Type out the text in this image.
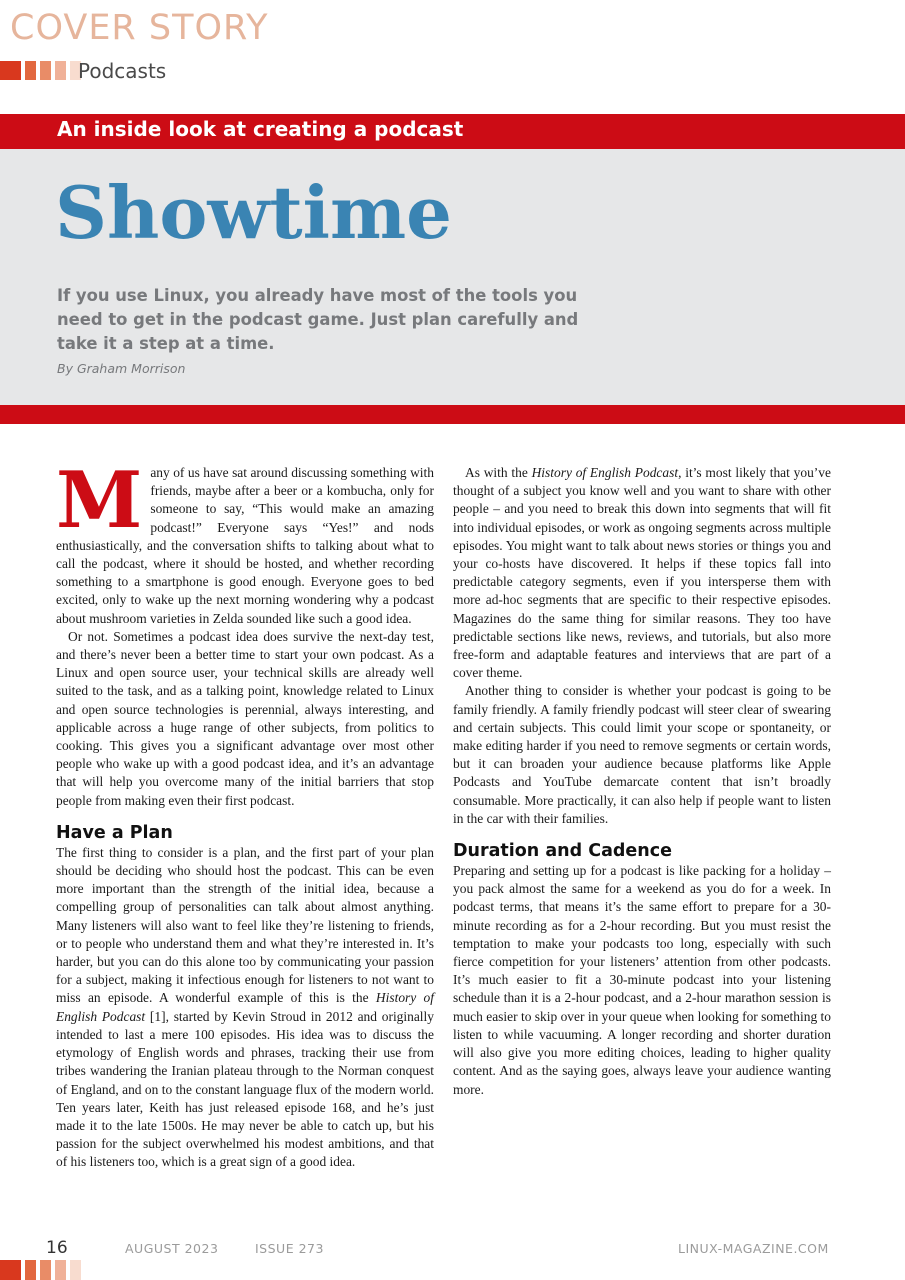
COVER STORY
Podcasts
An inside look at creating a podcast
Showtime
If you use Linux, you already have most of the tools you need to get in the podcast game. Just plan carefully and take it a step at a time.
By Graham Morrison

Many of us have sat around discussing something with friends, maybe after a beer or a kombucha, only for someone to say, “This would make an amazing podcast!” Everyone says “Yes!” and nods enthusiastically, and the conversation shifts to talking about what to call the podcast, where it should be hosted, and whether recording something to a smartphone is good enough. Everyone goes to bed excited, only to wake up the next morning wondering why a podcast about mushroom varieties in Zelda sounded like such a good idea.

Or not. Sometimes a podcast idea does survive the next-day test, and there’s never been a better time to start your own podcast. As a Linux and open source user, your technical skills are already well suited to the task, and as a talking point, knowledge related to Linux and open source technologies is perennial, always interesting, and applicable across a huge range of other subjects, from politics to cooking. This gives you a significant advantage over most other people who wake up with a good podcast idea, and it’s an advantage that will help you overcome many of the initial barriers that stop people from making even their first podcast.

Have a Plan

The first thing to consider is a plan, and the first part of your plan should be deciding who should host the podcast. This can be even more important than the strength of the initial idea, because a compelling group of personalities can talk about almost anything. Many listeners will also want to feel like they’re listening to friends, or to people who understand them and what they’re interested in. It’s harder, but you can do this alone too by communicating your passion for a subject, making it infectious enough for listeners to not want to miss an episode. A wonderful example of this is the History of English Podcast [1], started by Kevin Stroud in 2012 and originally intended to last a mere 100 episodes. His idea was to discuss the etymology of English words and phrases, tracking their use from tribes wandering the Iranian plateau through to the Norman conquest of England, and on to the constant language flux of the modern world. Ten years later, Keith has just released episode 168, and he’s just made it to the late 1500s. He may never be able to catch up, but his passion for the subject overwhelmed his modest ambitions, and that of his listeners too, which is a great sign of a good idea.

As with the History of English Podcast, it’s most likely that you’ve thought of a subject you know well and you want to share with other people – and you need to break this down into segments that will fit into individual episodes, or work as ongoing segments across multiple episodes. You might want to talk about news stories or things you and your co-hosts have discovered. It helps if these topics fall into predictable category segments, even if you intersperse them with more ad-hoc segments that are specific to their respective episodes. Magazines do the same thing for similar reasons. They too have predictable sections like news, reviews, and tutorials, but also more free-form and adaptable features and interviews that are part of a cover theme.

Another thing to consider is whether your podcast is going to be family friendly. A family friendly podcast will steer clear of swearing and certain subjects. This could limit your scope or spontaneity, or make editing harder if you need to remove segments or certain words, but it can broaden your audience because platforms like Apple Podcasts and YouTube demarcate content that isn’t broadly consumable. More practically, it can also help if people want to listen in the car with their families.

Duration and Cadence

Preparing and setting up for a podcast is like packing for a holiday – you pack almost the same for a weekend as you do for a week. In podcast terms, that means it’s the same effort to prepare for a 30-minute recording as for a 2-hour recording. But you must resist the temptation to make your podcasts too long, especially with such fierce competition for your listeners’ attention from other podcasts. It’s much easier to fit a 30-minute podcast into your listening schedule than it is a 2-hour podcast, and a 2-hour marathon session is much easier to skip over in your queue when looking for something to listen to while vacuuming. A longer recording and shorter duration will also give you more editing choices, leading to higher quality content. And as the saying goes, always leave your audience wanting more.

16	AUGUST 2023	ISSUE 273	LINUX-MAGAZINE.COM
